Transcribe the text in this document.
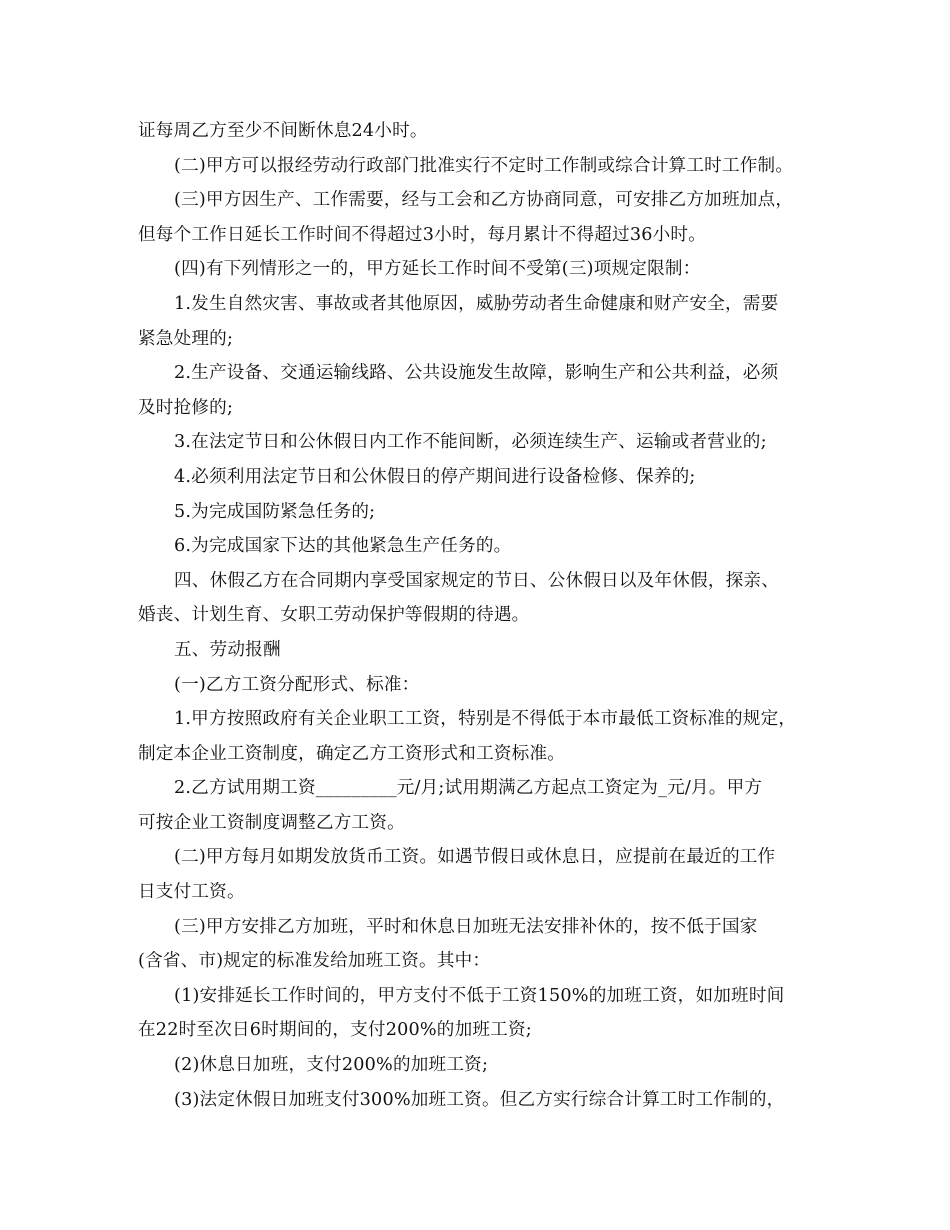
证每周乙方至少不间断休息24小时。

(二)甲方可以报经劳动行政部门批准实行不定时工作制或综合计算工时工作制。

(三)甲方因生产、工作需要，经与工会和乙方协商同意，可安排乙方加班加点，

但每个工作日延长工作时间不得超过3小时，每月累计不得超过36小时。

(四)有下列情形之一的，甲方延长工作时间不受第(三)项规定限制：

1.发生自然灾害、事故或者其他原因，威胁劳动者生命健康和财产安全，需要

紧急处理的;

2.生产设备、交通运输线路、公共设施发生故障，影响生产和公共利益，必须

及时抢修的;

3.在法定节日和公休假日内工作不能间断，必须连续生产、运输或者营业的;

4.必须利用法定节日和公休假日的停产期间进行设备检修、保养的;

5.为完成国防紧急任务的;

6.为完成国家下达的其他紧急生产任务的。

四、休假乙方在合同期内享受国家规定的节日、公休假日以及年休假，探亲、

婚丧、计划生育、女职工劳动保护等假期的待遇。

五、劳动报酬

(一)乙方工资分配形式、标准：

1.甲方按照政府有关企业职工工资，特别是不得低于本市最低工资标准的规定，

制定本企业工资制度，确定乙方工资形式和工资标准。

2.乙方试用期工资_________元/月;试用期满乙方起点工资定为_元/月。甲方

可按企业工资制度调整乙方工资。

(二)甲方每月如期发放货币工资。如遇节假日或休息日，应提前在最近的工作

日支付工资。

(三)甲方安排乙方加班，平时和休息日加班无法安排补休的，按不低于国家

(含省、市)规定的标准发给加班工资。其中：

(1)安排延长工作时间的，甲方支付不低于工资150%的加班工资，如加班时间

在22时至次日6时期间的，支付200%的加班工资;

(2)休息日加班，支付200%的加班工资;

(3)法定休假日加班支付300%加班工资。但乙方实行综合计算工时工作制的，
